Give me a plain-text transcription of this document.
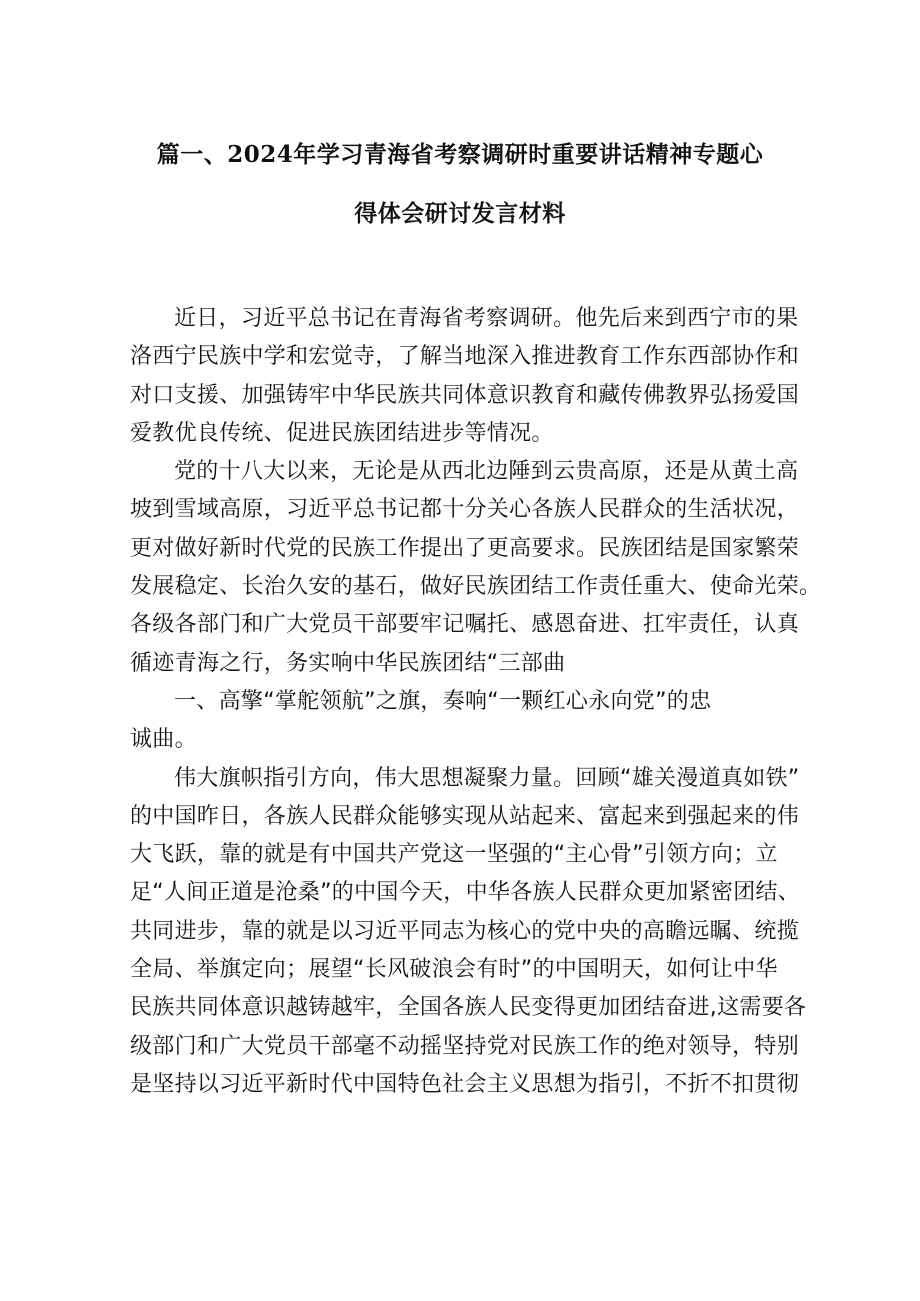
篇一、2024年学习青海省考察调研时重要讲话精神专题心
得体会研讨发言材料

近日，习近平总书记在青海省考察调研。他先后来到西宁市的果
洛西宁民族中学和宏觉寺，了解当地深入推进教育工作东西部协作和
对口支援、加强铸牢中华民族共同体意识教育和藏传佛教界弘扬爱国
爱教优良传统、促进民族团结进步等情况。

党的十八大以来，无论是从西北边陲到云贵高原，还是从黄土高
坡到雪域高原，习近平总书记都十分关心各族人民群众的生活状况，
更对做好新时代党的民族工作提出了更高要求。民族团结是国家繁荣
发展稳定、长治久安的基石，做好民族团结工作责任重大、使命光荣。
各级各部门和广大党员干部要牢记嘱托、感恩奋进、扛牢责任，认真
循迹青海之行，务实响中华民族团结“三部曲

一、高擎“掌舵领航”之旗，奏响“一颗红心永向党”的忠
诚曲。

伟大旗帜指引方向，伟大思想凝聚力量。回顾“雄关漫道真如铁”
的中国昨日，各族人民群众能够实现从站起来、富起来到强起来的伟
大飞跃，靠的就是有中国共产党这一坚强的“主心骨”引领方向；立
足“人间正道是沧桑”的中国今天，中华各族人民群众更加紧密团结、
共同进步，靠的就是以习近平同志为核心的党中央的高瞻远瞩、统揽
全局、举旗定向；展望“长风破浪会有时”的中国明天，如何让中华
民族共同体意识越铸越牢，全国各族人民变得更加团结奋进,这需要各
级部门和广大党员干部毫不动摇坚持党对民族工作的绝对领导，特别
是坚持以习近平新时代中国特色社会主义思想为指引，不折不扣贯彻
